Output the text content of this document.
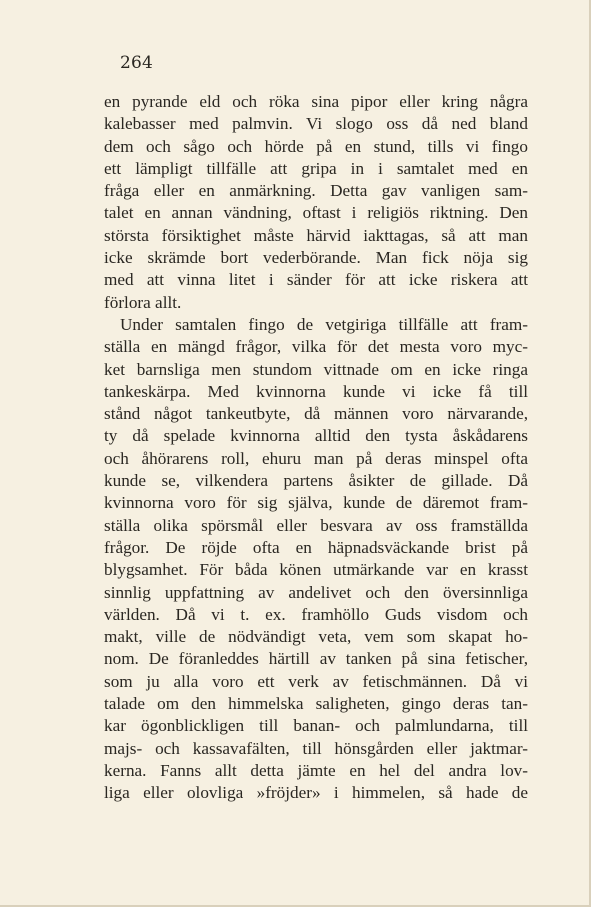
264
en pyrande eld och röka sina pipor eller kring några
kalebasser med palmvin. Vi slogo oss då ned bland
dem och sågo och hörde på en stund, tills vi fingo
ett lämpligt tillfälle att gripa in i samtalet med en
fråga eller en anmärkning. Detta gav vanligen sam-
talet en annan vändning, oftast i religiös riktning. Den
största försiktighet måste härvid iakttagas, så att man
icke skrämde bort vederbörande. Man fick nöja sig
med att vinna litet i sänder för att icke riskera att
förlora allt.
Under samtalen fingo de vetgiriga tillfälle att fram-
ställa en mängd frågor, vilka för det mesta voro myc-
ket barnsliga men stundom vittnade om en icke ringa
tankeskärpa. Med kvinnorna kunde vi icke få till
stånd något tankeutbyte, då männen voro närvarande,
ty då spelade kvinnorna alltid den tysta åskådarens
och åhörarens roll, ehuru man på deras minspel ofta
kunde se, vilkendera partens åsikter de gillade. Då
kvinnorna voro för sig själva, kunde de däremot fram-
ställa olika spörsmål eller besvara av oss framställda
frågor. De röjde ofta en häpnadsväckande brist på
blygsamhet. För båda könen utmärkande var en krasst
sinnlig uppfattning av andelivet och den översinnliga
världen. Då vi t. ex. framhöllo Guds visdom och
makt, ville de nödvändigt veta, vem som skapat ho-
nom. De föranleddes härtill av tanken på sina fetischer,
som ju alla voro ett verk av fetischmännen. Då vi
talade om den himmelska saligheten, gingo deras tan-
kar ögonblickligen till banan- och palmlundarna, till
majs- och kassavafälten, till hönsgården eller jaktmar-
kerna. Fanns allt detta jämte en hel del andra lov-
liga eller olovliga »fröjder» i himmelen, så hade de
